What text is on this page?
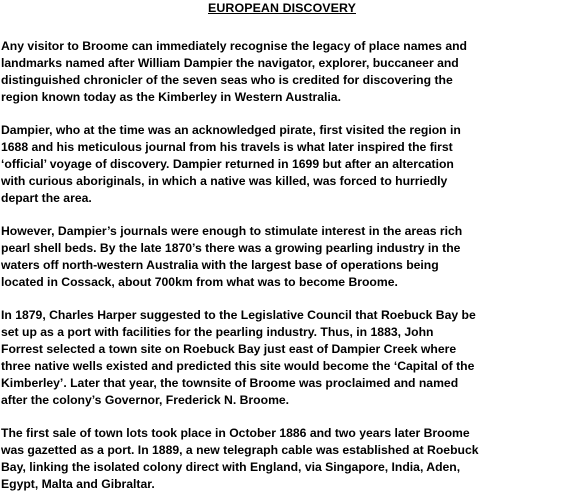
EUROPEAN DISCOVERY

Any visitor to Broome can immediately recognise the legacy of place names and
landmarks named after William Dampier the navigator, explorer, buccaneer and
distinguished chronicler of the seven seas who is credited for discovering the
region known today as the Kimberley in Western Australia.

Dampier, who at the time was an acknowledged pirate, first visited the region in
1688 and his meticulous journal from his travels is what later inspired the first
‘official’ voyage of discovery. Dampier returned in 1699 but after an altercation
with curious aboriginals, in which a native was killed, was forced to hurriedly
depart the area.

However, Dampier’s journals were enough to stimulate interest in the areas rich
pearl shell beds. By the late 1870’s there was a growing pearling industry in the
waters off north-western Australia with the largest base of operations being
located in Cossack, about 700km from what was to become Broome.

In 1879, Charles Harper suggested to the Legislative Council that Roebuck Bay be
set up as a port with facilities for the pearling industry. Thus, in 1883, John
Forrest selected a town site on Roebuck Bay just east of Dampier Creek where
three native wells existed and predicted this site would become the ‘Capital of the
Kimberley’. Later that year, the townsite of Broome was proclaimed and named
after the colony’s Governor, Frederick N. Broome.

The first sale of town lots took place in October 1886 and two years later Broome
was gazetted as a port. In 1889, a new telegraph cable was established at Roebuck
Bay, linking the isolated colony direct with England, via Singapore, India, Aden,
Egypt, Malta and Gibraltar.
